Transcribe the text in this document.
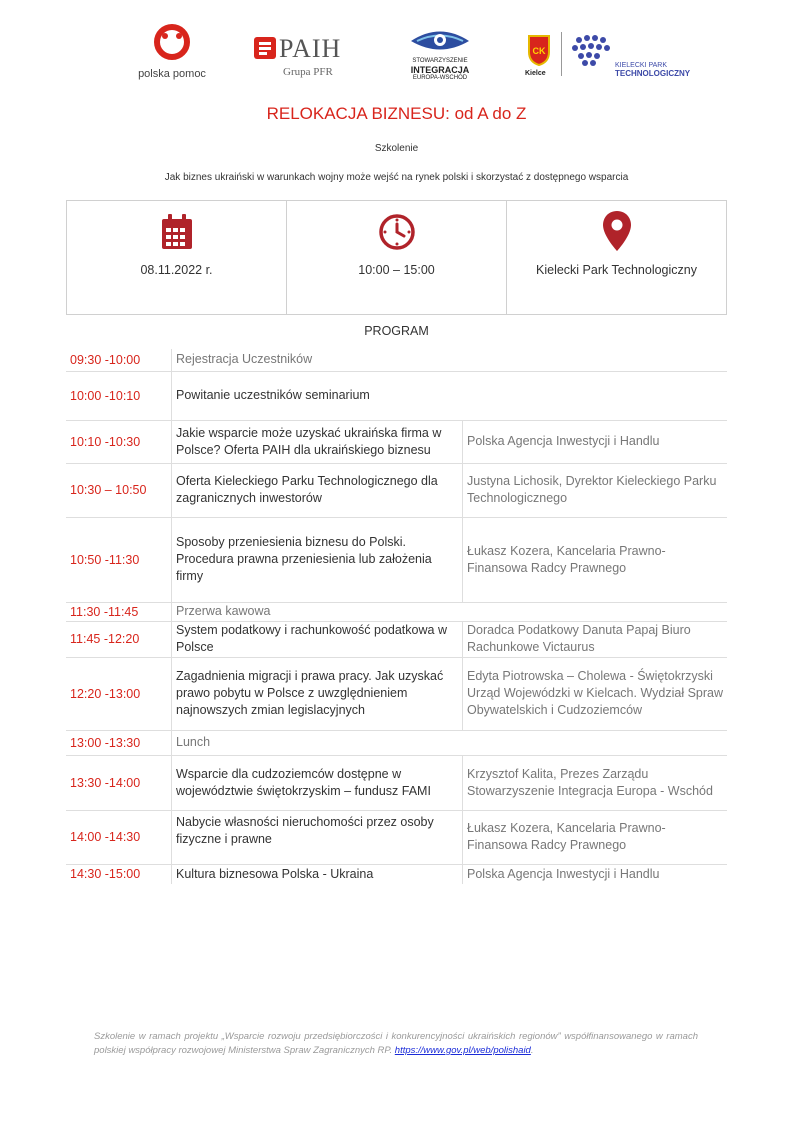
polska pomoc
PAIH
Grupa PFR
STOWARZYSZENIE
INTEGRACJA
EUROPA-WSCHÓD
CK
Kielce
KIELECKI PARK
TECHNOLOGICZNY
RELOKACJA BIZNESU: od A do Z
Szkolenie
Jak biznes ukraiński w warunkach wojny może wejść na rynek polski i skorzystać z dostępnego wsparcia
08.11.2022 r.	10:00 – 15:00	Kielecki Park Technologiczny
PROGRAM
09:30 -10:00	Rejestracja Uczestników	
10:00 -10:10	Powitanie uczestników seminarium	
10:10 -10:30	Jakie wsparcie może uzyskać ukraińska firma w Polsce? Oferta PAIH dla ukraińskiego biznesu	Polska Agencja Inwestycji i Handlu
10:30 – 10:50	Oferta Kieleckiego Parku Technologicznego dla zagranicznych inwestorów	Justyna Lichosik, Dyrektor Kieleckiego Parku Technologicznego
10:50 -11:30	Sposoby przeniesienia biznesu do Polski. Procedura prawna przeniesienia lub założenia firmy	Łukasz Kozera, Kancelaria Prawno-Finansowa Radcy Prawnego
11:30 -11:45	Przerwa kawowa	
11:45 -12:20	System podatkowy i rachunkowość podatkowa w Polsce	Doradca Podatkowy Danuta Papaj Biuro Rachunkowe Victaurus
12:20 -13:00	Zagadnienia migracji i prawa pracy. Jak uzyskać prawo pobytu w Polsce z uwzględnieniem najnowszych zmian legislacyjnych	Edyta Piotrowska – Cholewa - Świętokrzyski Urząd Wojewódzki w Kielcach. Wydział Spraw Obywatelskich i Cudzoziemców
13:00 -13:30	Lunch	
13:30 -14:00	Wsparcie dla cudzoziemców dostępne w województwie świętokrzyskim – fundusz FAMI	Krzysztof Kalita, Prezes Zarządu Stowarzyszenie Integracja Europa - Wschód
14:00 -14:30	Nabycie własności nieruchomości przez osoby fizyczne i prawne	Łukasz Kozera, Kancelaria Prawno-Finansowa Radcy Prawnego
14:30 -15:00	Kultura biznesowa Polska - Ukraina	Polska Agencja Inwestycji i Handlu
Szkolenie w ramach projektu „Wsparcie rozwoju przedsiębiorczości i konkurencyjności ukraińskich regionów” współfinansowanego w ramach polskiej współpracy rozwojowej Ministerstwa Spraw Zagranicznych RP. https://www.gov.pl/web/polishaid.
